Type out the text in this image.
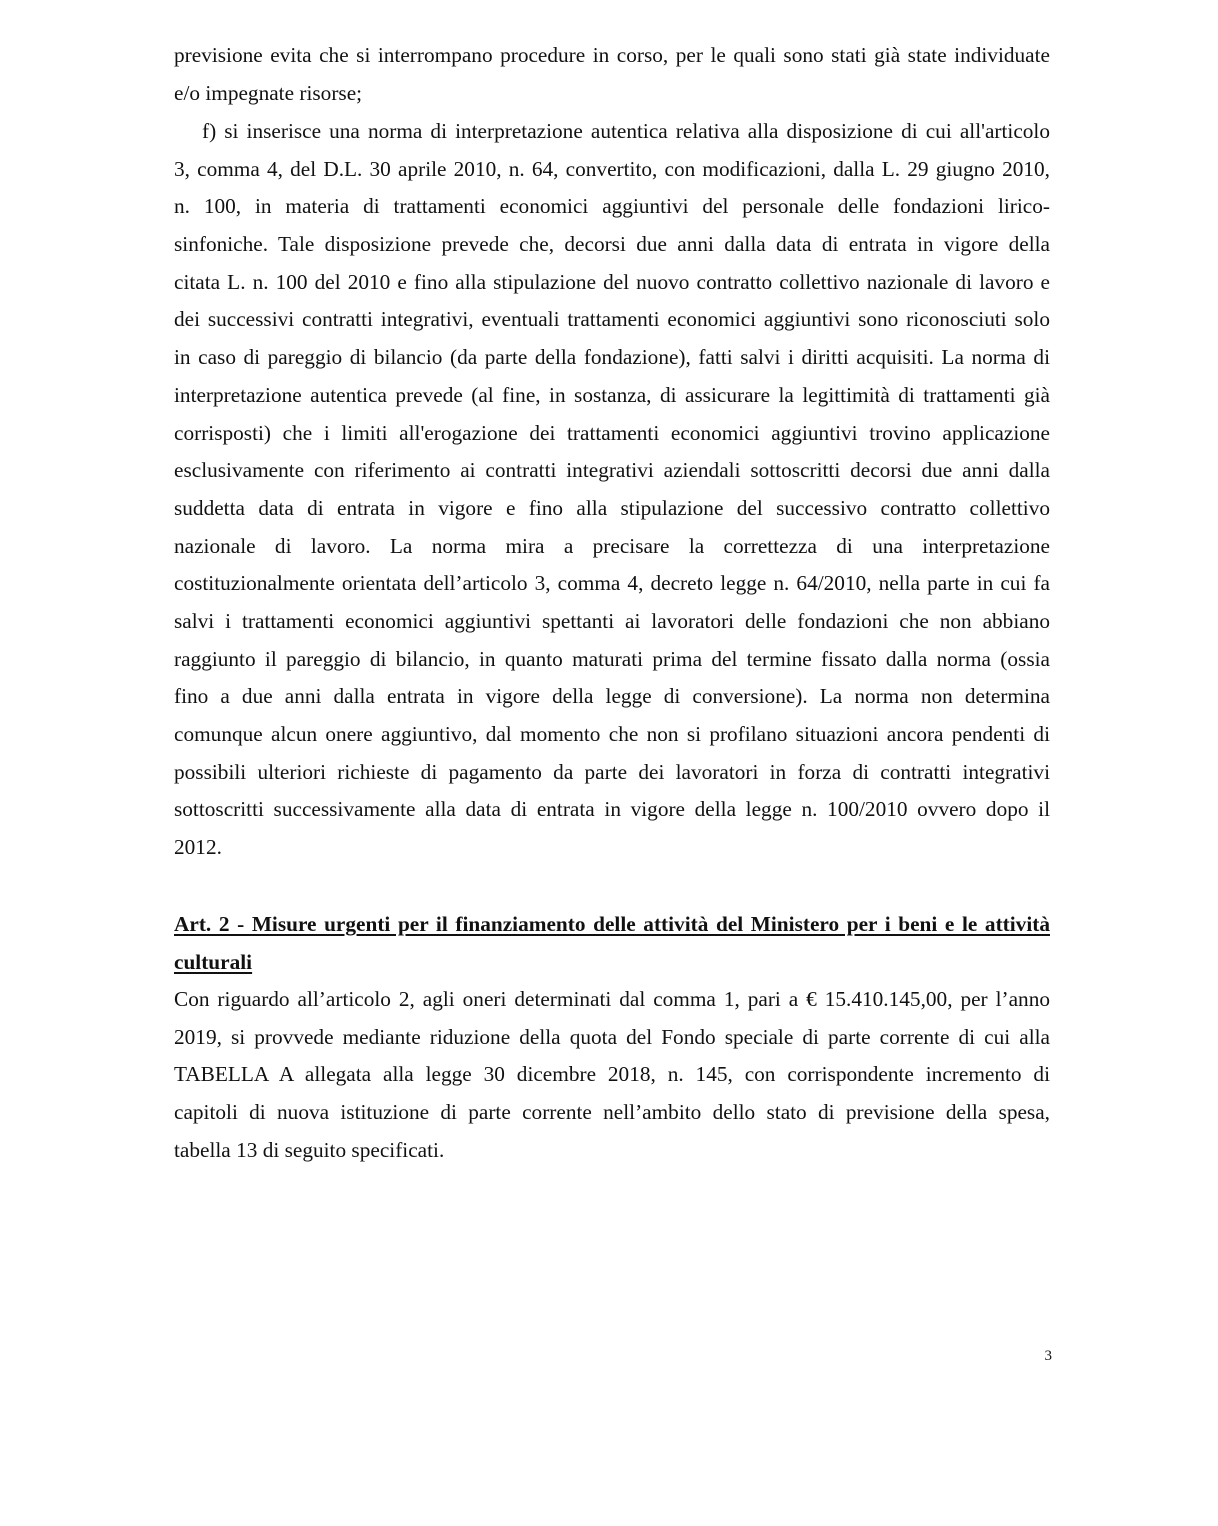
previsione evita che si interrompano procedure in corso, per le quali sono stati già state individuate
e/o impegnate risorse;
f) si inserisce una norma di interpretazione autentica relativa alla disposizione di cui all'articolo
3, comma 4, del D.L. 30 aprile 2010, n. 64, convertito, con modificazioni, dalla L. 29 giugno 2010,
n. 100, in materia di trattamenti economici aggiuntivi del personale delle fondazioni lirico-
sinfoniche. Tale disposizione prevede che, decorsi due anni dalla data di entrata in vigore della
citata L. n. 100 del 2010 e fino alla stipulazione del nuovo contratto collettivo nazionale di lavoro e
dei successivi contratti integrativi, eventuali trattamenti economici aggiuntivi sono riconosciuti solo
in caso di pareggio di bilancio (da parte della fondazione), fatti salvi i diritti acquisiti. La norma di
interpretazione autentica prevede (al fine, in sostanza, di assicurare la legittimità di trattamenti già
corrisposti) che i limiti all'erogazione dei trattamenti economici aggiuntivi trovino applicazione
esclusivamente con riferimento ai contratti integrativi aziendali sottoscritti decorsi due anni dalla
suddetta data di entrata in vigore e fino alla stipulazione del successivo contratto collettivo
nazionale di lavoro. La norma mira a precisare la correttezza di una interpretazione
costituzionalmente orientata dell’articolo 3, comma 4, decreto legge n. 64/2010, nella parte in cui fa
salvi i trattamenti economici aggiuntivi spettanti ai lavoratori delle fondazioni che non abbiano
raggiunto il pareggio di bilancio, in quanto maturati prima del termine fissato dalla norma (ossia
fino a due anni dalla entrata in vigore della legge di conversione). La norma non determina
comunque alcun onere aggiuntivo, dal momento che non si profilano situazioni ancora pendenti di
possibili ulteriori richieste di pagamento da parte dei lavoratori in forza di contratti integrativi
sottoscritti successivamente alla data di entrata in vigore della legge n. 100/2010 ovvero dopo il
2012.
Art. 2 - Misure urgenti per il finanziamento delle attività del Ministero per i beni e le attività
culturali
Con riguardo all’articolo 2, agli oneri determinati dal comma 1, pari a € 15.410.145,00, per l’anno
2019, si provvede mediante riduzione della quota del Fondo speciale di parte corrente di cui alla
TABELLA A allegata alla legge 30 dicembre 2018, n. 145, con corrispondente incremento di
capitoli di nuova istituzione di parte corrente nell’ambito dello stato di previsione della spesa,
tabella 13 di seguito specificati.
3
